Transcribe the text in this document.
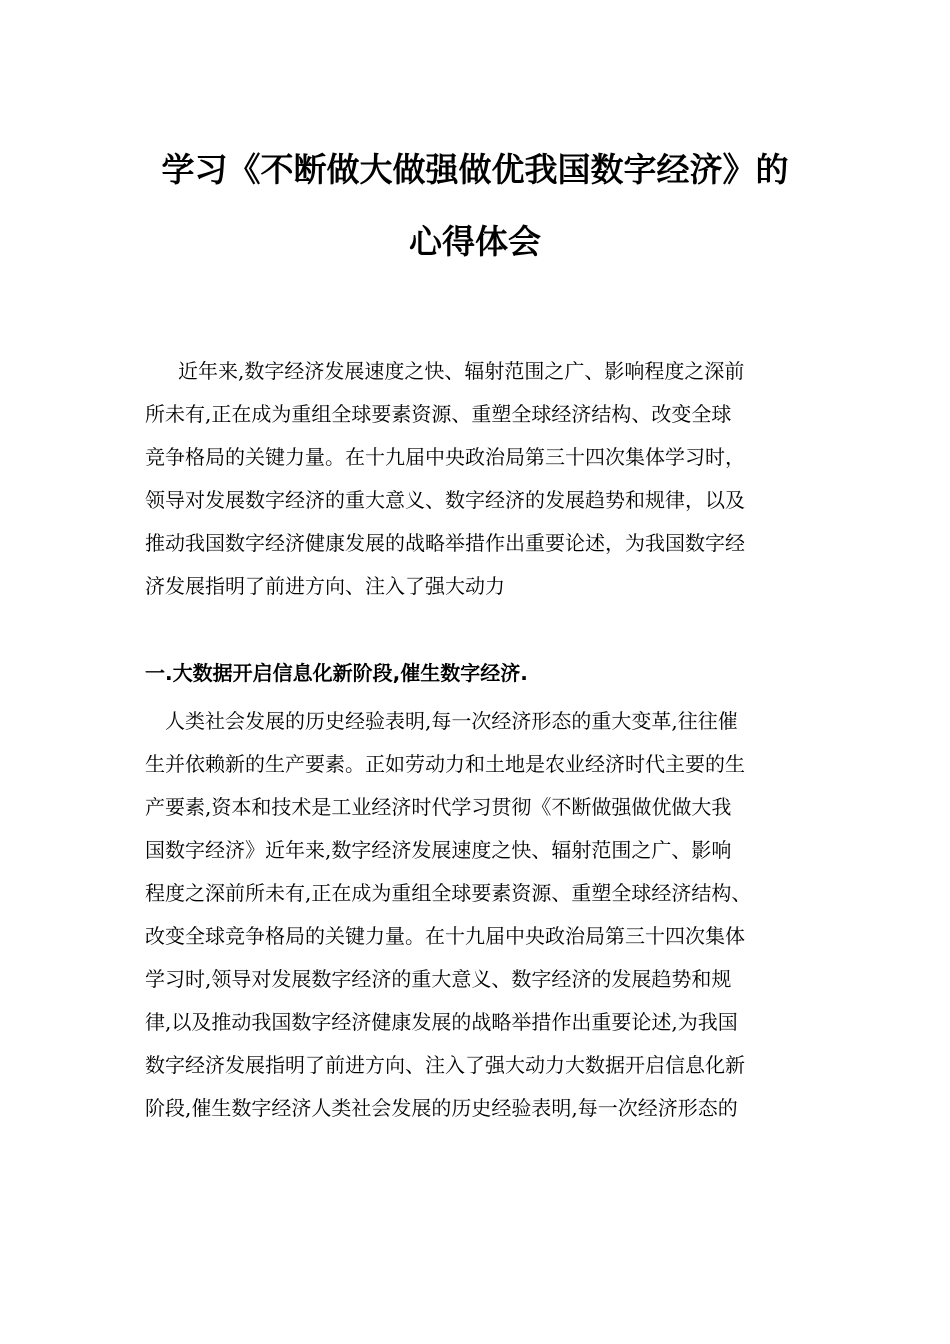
学习《不断做大做强做优我国数字经济》的
心得体会
近年来,数字经济发展速度之快、辐射范围之广、影响程度之深前
所未有,正在成为重组全球要素资源、重塑全球经济结构、改变全球
竞争格局的关键力量。在十九届中央政治局第三十四次集体学习时，
领导对发展数字经济的重大意义、数字经济的发展趋势和规律，以及
推动我国数字经济健康发展的战略举措作出重要论述，为我国数字经
济发展指明了前进方向、注入了强大动力
一.大数据开启信息化新阶段,催生数字经济.
人类社会发展的历史经验表明,每一次经济形态的重大变革,往往催
生并依赖新的生产要素。正如劳动力和土地是农业经济时代主要的生
产要素,资本和技术是工业经济时代学习贯彻《不断做强做优做大我
国数字经济》近年来,数字经济发展速度之快、辐射范围之广、影响
程度之深前所未有,正在成为重组全球要素资源、重塑全球经济结构、
改变全球竞争格局的关键力量。在十九届中央政治局第三十四次集体
学习时,领导对发展数字经济的重大意义、数字经济的发展趋势和规
律,以及推动我国数字经济健康发展的战略举措作出重要论述,为我国
数字经济发展指明了前进方向、注入了强大动力大数据开启信息化新
阶段,催生数字经济人类社会发展的历史经验表明,每一次经济形态的
